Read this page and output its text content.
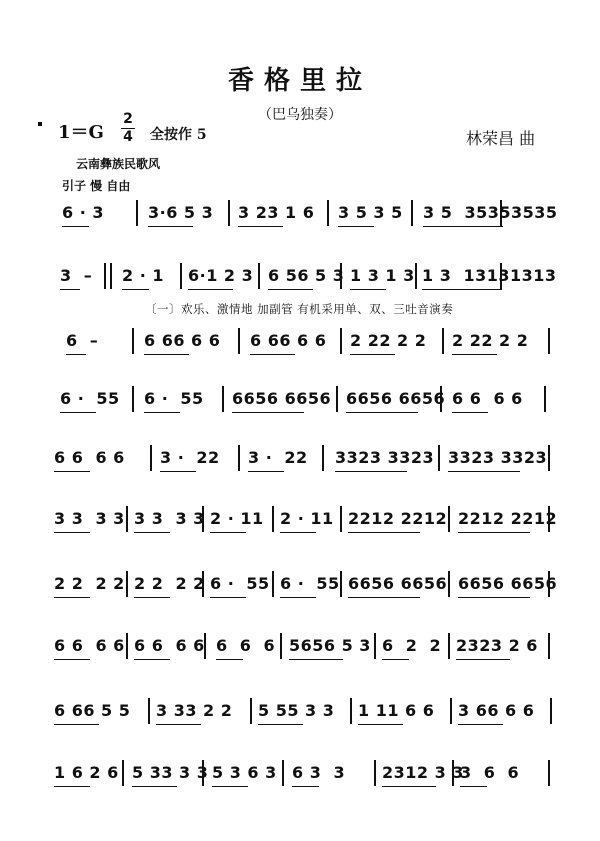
香格里拉
（巴乌独奏）
1＝G
2
4 全按作 5	林荣昌 曲
云南彝族民歌风
引子 慢 自由
〔一〕欢乐、激情地 加副管 有机采用单、双、三吐音演奏
6 · 3	3·6 5 3 3 23 1 6 3 5 3 5 3 5  35353535
3  – 2 · 1 6·1 2 3 6 56 5 3 1 3 1 3 1 3  13131313
6  –	6 66 6 6 6 66 6 6 2 22 2 2 2 22 2 2
6 ·  55 6 ·  55 6656 6656 6656 6656 6 6  6 6
6 6  6 6 3 ·  22 3 ·  22 3323 3323 3323 3323
3 3  3 3 3 3  3 3 2 · 11 2 · 11 2212 2212 2212 2212
2 2  2 2 2 2  2 2 6 ·  55 6 ·  55 6656 6656 6656 6656
6 6  6 6 6 6  6 6 6  6  6 5656 5 3 6  2  2 2323 2 6
6 66 5 5 3 33 2 2 5 55 3 3 1 11 6 6 3 66 6 6
1 6 2 6 5 33 3 3 5 3 6 3 6 3  3 2312 3 3
3  6  6
